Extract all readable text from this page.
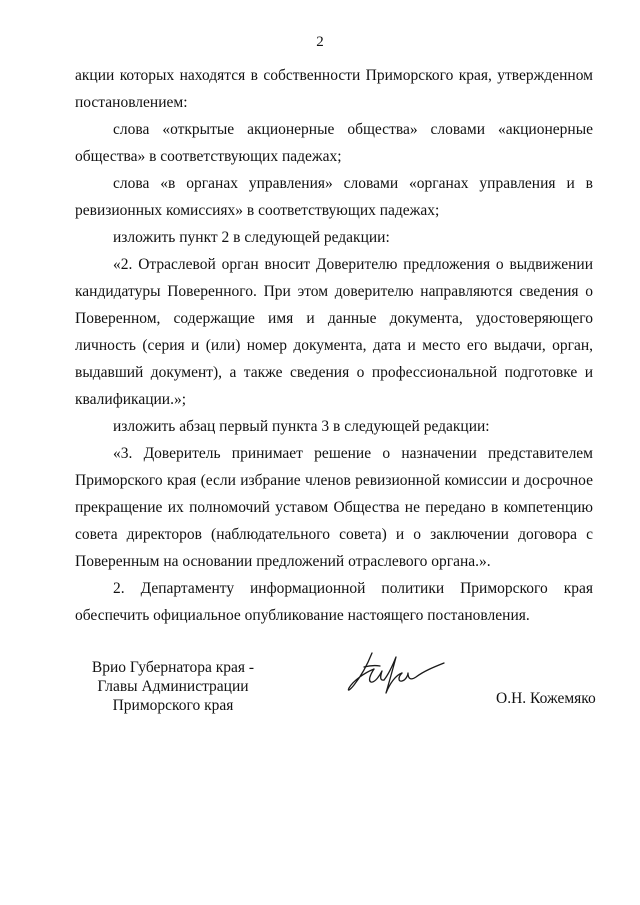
2

акции которых находятся в собственности Приморского края, утвержденном постановлением:

слова «открытые акционерные общества» словами «акционерные общества» в соответствующих падежах;

слова «в органах управления» словами «органах управления и в ревизионных комиссиях» в соответствующих падежах;

изложить пункт 2 в следующей редакции:

«2. Отраслевой орган вносит Доверителю предложения о выдвижении кандидатуры Поверенного. При этом доверителю направляются сведения о Поверенном, содержащие имя и данные документа, удостоверяющего личность (серия и (или) номер документа, дата и место его выдачи, орган, выдавший документ), а также сведения о профессиональной подготовке и квалификации.»;

изложить абзац первый пункта 3 в следующей редакции:

«3. Доверитель принимает решение о назначении представителем Приморского края (если избрание членов ревизионной комиссии и досрочное прекращение их полномочий уставом Общества не передано в компетенцию совета директоров (наблюдательного совета) и о заключении договора с Поверенным на основании предложений отраслевого органа.».

2. Департаменту информационной политики Приморского края обеспечить официальное опубликование настоящего постановления.

Врио Губернатора края -
Главы Администрации
Приморского края	О.Н. Кожемяко
